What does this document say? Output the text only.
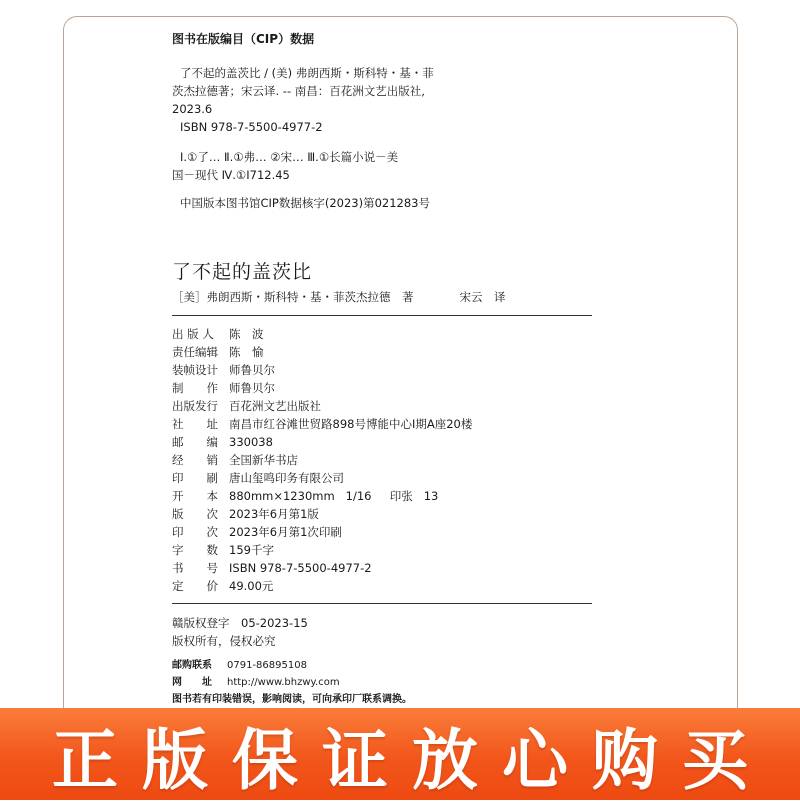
图书在版编目（CIP）数据

了不起的盖茨比 / (美) 弗朗西斯・斯科特・基・菲

茨杰拉德著；宋云译. -- 南昌：百花洲文艺出版社,

2023.6

ISBN 978-7-5500-4977-2

Ⅰ.①了… Ⅱ.①弗… ②宋… Ⅲ.①长篇小说－美

国－现代 Ⅳ.①I712.45

中国版本图书馆CIP数据核字(2023)第021283号

了不起的盖茨比
［美］弗朗西斯・斯科特・基・菲茨杰拉德　著	宋云　译
出 版 人	陈　波
责任编辑 陈　愉
装帧设计 师鲁贝尔
制　　作 师鲁贝尔
出版发行 百花洲文艺出版社
社　　址 南昌市红谷滩世贸路898号博能中心Ⅰ期A座20楼
邮　　编 330038
经　　销 全国新华书店
印　　刷 唐山玺鸣印务有限公司
开　　本 880mm×1230mm   1/16     印张   13
版　　次 2023年6月第1版
印　　次 2023年6月第1次印刷
字　　数 159千字
书　　号 ISBN 978-7-5500-4977-2
定　　价 49.00元

赣版权登字　05-2023-15

版权所有，侵权必究

邮购联系 0791-86895108

网　　址 http://www.bhzwy.com

图书若有印装错误，影响阅读，可向承印厂联系调换。

正版保证放心购买
